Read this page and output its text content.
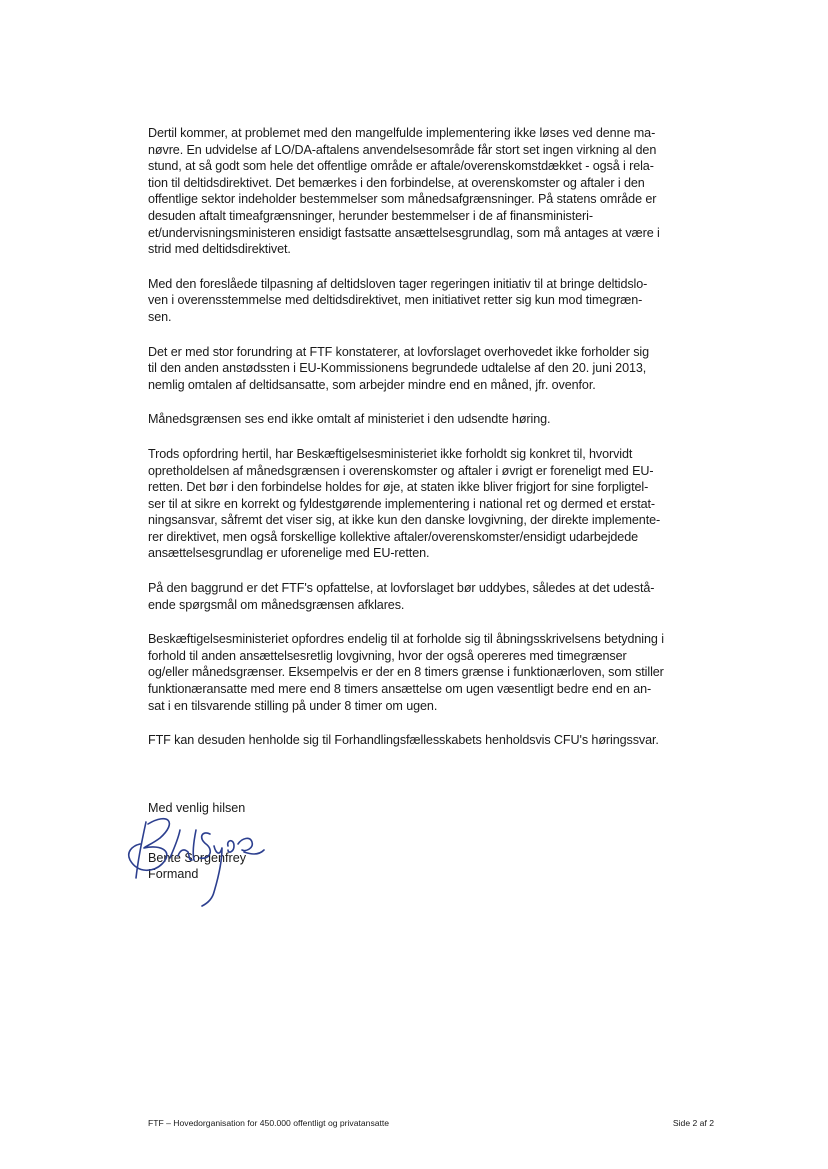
Dertil kommer, at problemet med den mangelfulde implementering ikke løses ved denne ma-
nøvre. En udvidelse af LO/DA-aftalens anvendelsesområde får stort set ingen virkning al den
stund, at så godt som hele det offentlige område er aftale/overenskomstdækket - også i rela-
tion til deltidsdirektivet. Det bemærkes i den forbindelse, at overenskomster og aftaler i den
offentlige sektor indeholder bestemmelser som månedsafgrænsninger. På statens område er
desuden aftalt timeafgrænsninger, herunder bestemmelser i de af finansministeri-
et/undervisningsministeren ensidigt fastsatte ansættelsesgrundlag, som må antages at være i
strid med deltidsdirektivet.

Med den foreslåede tilpasning af deltidsloven tager regeringen initiativ til at bringe deltidslo-
ven i overensstemmelse med deltidsdirektivet, men initiativet retter sig kun mod timegræn-
sen.

Det er med stor forundring at FTF konstaterer, at lovforslaget overhovedet ikke forholder sig
til den anden anstødssten i EU-Kommissionens begrundede udtalelse af den 20. juni 2013,
nemlig omtalen af deltidsansatte, som arbejder mindre end en måned, jfr. ovenfor.

Månedsgrænsen ses end ikke omtalt af ministeriet i den udsendte høring.

Trods opfordring hertil, har Beskæftigelsesministeriet ikke forholdt sig konkret til, hvorvidt
opretholdelsen af månedsgrænsen i overenskomster og aftaler i øvrigt er foreneligt med EU-
retten. Det bør i den forbindelse holdes for øje, at staten ikke bliver frigjort for sine forpligtel-
ser til at sikre en korrekt og fyldestgørende implementering i national ret og dermed et erstat-
ningsansvar, såfremt det viser sig, at ikke kun den danske lovgivning, der direkte implemente-
rer direktivet, men også forskellige kollektive aftaler/overenskomster/ensidigt udarbejdede
ansættelsesgrundlag er uforenelige med EU-retten.

På den baggrund er det FTF's opfattelse, at lovforslaget bør uddybes, således at det udestå-
ende spørgsmål om månedsgrænsen afklares.

Beskæftigelsesministeriet opfordres endelig til at forholde sig til åbningsskrivelsens betydning i
forhold til anden ansættelsesretlig lovgivning, hvor der også opereres med timegrænser
og/eller månedsgrænser. Eksempelvis er der en 8 timers grænse i funktionærloven, som stiller
funktionæransatte med mere end 8 timers ansættelse om ugen væsentligt bedre end en an-
sat i en tilsvarende stilling på under 8 timer om ugen.

FTF kan desuden henholde sig til Forhandlingsfællesskabets henholdsvis CFU's høringssvar.

Med venlig hilsen
Bente Sorgenfrey
Formand
FTF – Hovedorganisation for 450.000 offentligt og privatansatte	Side 2 af 2
